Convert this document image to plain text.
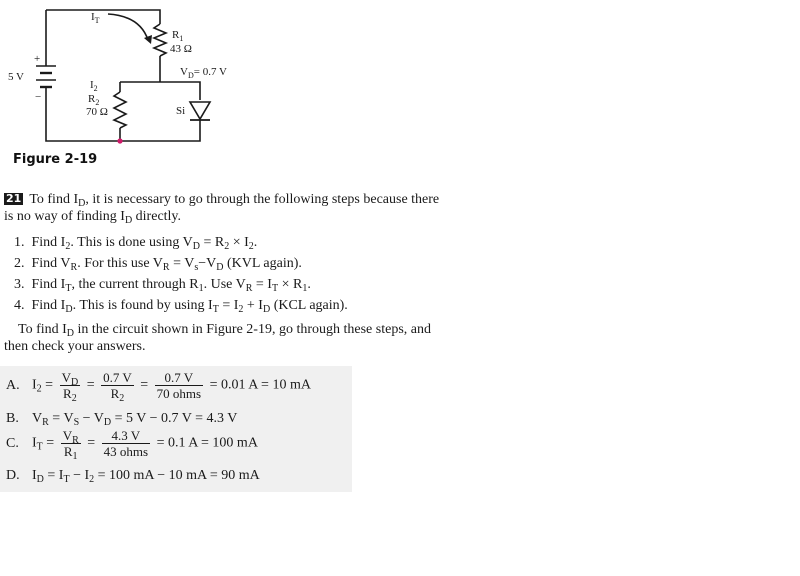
$I_T$
$R_1$
43 Ω
$V_D= 0.7$ V
5 V
+
−
$I_2$
$R_2$
70 Ω	Si
Figure 2-19
21 To find $I_D$, it is necessary to go through the following steps because there
is no way of finding $I_D$ directly.
1. Find $I_2$. This is done using $V_D = R_2 \times I_2$.
2. Find $V_R$. For this use $V_R = V_s-V_D$ (KVL again).
3. Find $I_T$, the current through $R_1$. Use $V_R = I_T \times R_1$.
4. Find $I_D$. This is found by using $I_T = I_2 + I_D$ (KCL again).
To find $I_D$ in the circuit shown in Figure 2-19, go through these steps, and
then check your answers.
A. $I_2 = \frac{V_D}{R_2} = \frac{0.7 V}{R_2} = \frac{0.7 V}{\text{70 ohms}} = 0.01$ A = 10 mA
B. $V_R = V_S - V_D = 5$ V − 0.7 V = 4.3 V
C. $I_T = \frac{V_R}{R_1} = \frac{4.3 V}{\text{43 ohms}} = 0.1$ A = 100 mA
D. $I_D = I_T - I_2 = 100$ mA − 10 mA = 90 mA
